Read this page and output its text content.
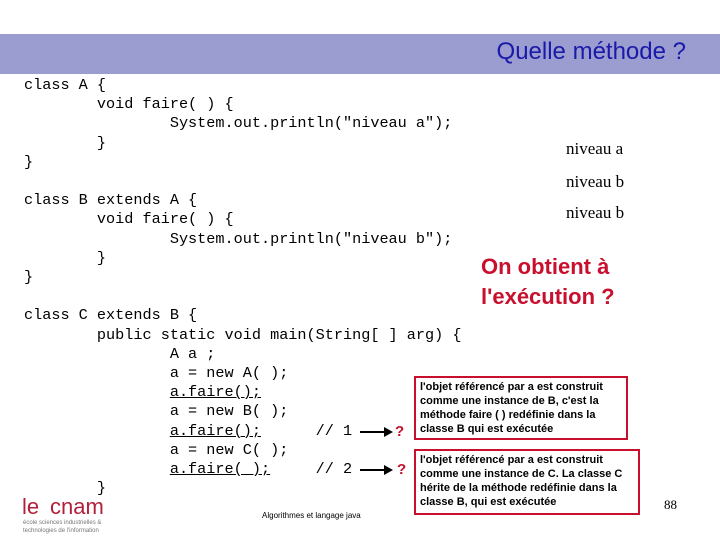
Quelle méthode ?
class A {
void faire( ) {
System.out.println("niveau a");
}
}

class B extends A {
void faire( ) {
System.out.println("niveau b");
}
}

class C extends B {
public static void main(String[ ] arg) {
A a ;
a = new A( );
a.faire();
a = new B( );
a.faire();      // 1
a = new C( );
a.faire( );     // 2
}
niveau a
niveau b
niveau b
On obtient à l'exécution ?
?
?
l'objet référencé par a est construit comme une instance de B, c'est la méthode faire ( ) redéfinie dans la classe B qui est exécutée
l'objet référencé par a est construit comme une instance de C. La classe C hérite de la méthode redéfinie dans la classe B, qui est exécutée
Algorithmes et langage java
88
le cnam
école sciences industrielles &
technologies de l'information
